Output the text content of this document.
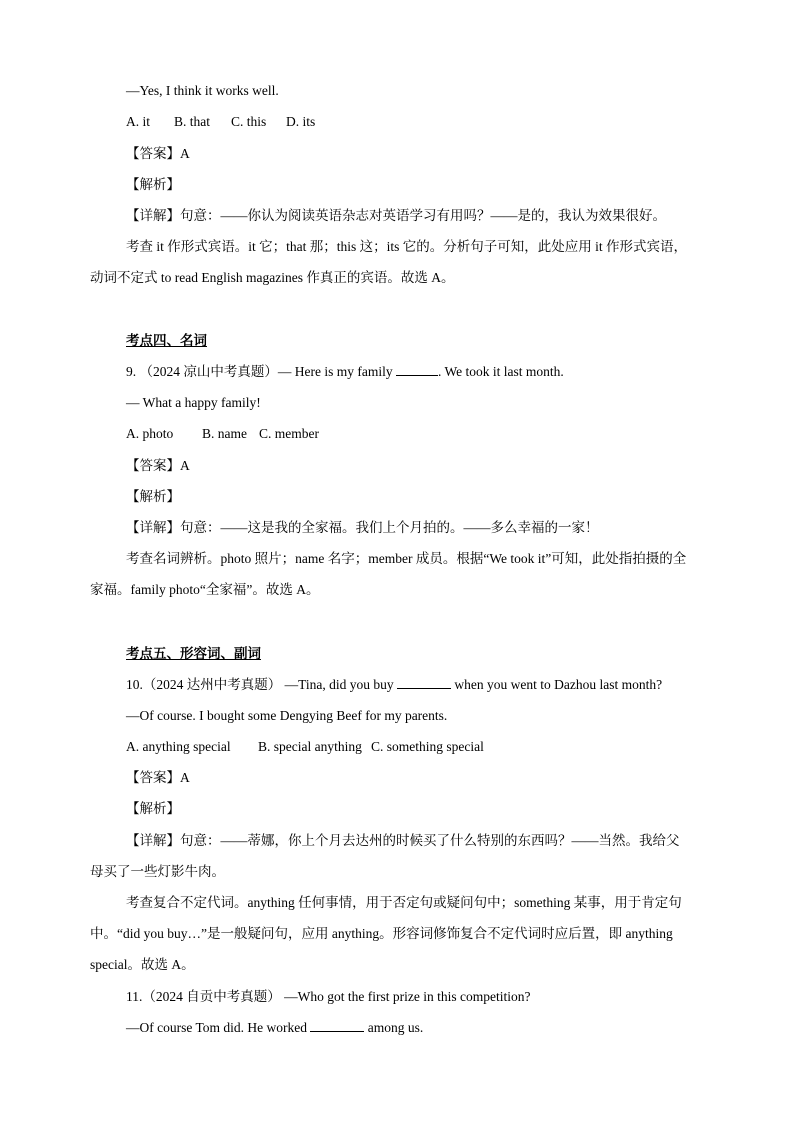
—Yes, I think it works well.
A. it B. that C. this D. its
【答案】A
【解析】
【详解】句意：——你认为阅读英语杂志对英语学习有用吗？——是的，我认为效果很好。
考查 it 作形式宾语。it 它；that 那；this 这；its 它的。分析句子可知，此处应用 it 作形式宾语，
动词不定式 to read English magazines 作真正的宾语。故选 A。
考点四、名词
9. （2024 凉山中考真题）— Here is my family	. We took it last month.
— What a happy family!
A. photo B. name C. member
【答案】A
【解析】
【详解】句意：——这是我的全家福。我们上个月拍的。——多么幸福的一家！
考查名词辨析。photo 照片；name 名字；member 成员。根据“We took it”可知，此处指拍摄的全
家福。family photo“全家福”。故选 A。
考点五、形容词、副词
10.（2024 达州中考真题） —Tina, did you buy	when you went to Dazhou last month?
—Of course. I bought some Dengying Beef for my parents.
A. anything special B. special anything C. something special
【答案】A
【解析】
【详解】句意：——蒂娜，你上个月去达州的时候买了什么特别的东西吗？——当然。我给父
母买了一些灯影牛肉。
考查复合不定代词。anything 任何事情，用于否定句或疑问句中；something 某事，用于肯定句
中。“did you buy…”是一般疑问句，应用 anything。形容词修饰复合不定代词时应后置，即 anything
special。故选 A。
11.（2024 自贡中考真题） —Who got the first prize in this competition?
—Of course Tom did. He worked	among us.
